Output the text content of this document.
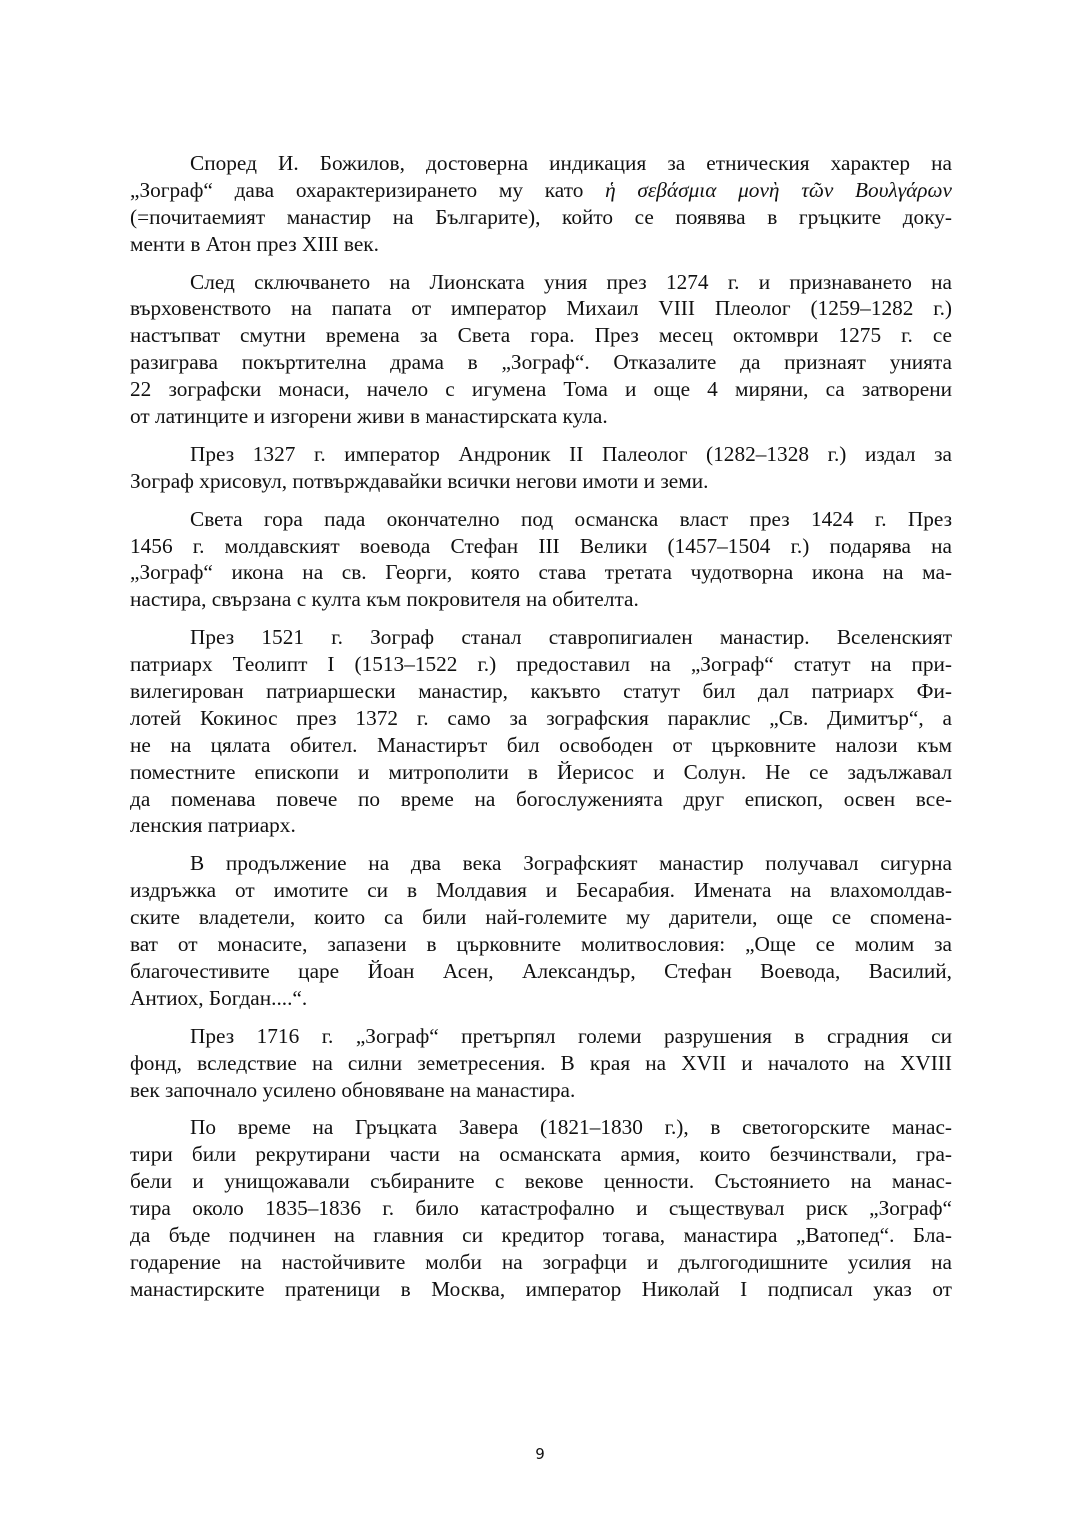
Според И. Божилов, достоверна индикация за етническия характер на
„Зограф“ дава охарактеризирането му като ἡ σεβάσμια μονὴ τῶν Βουλγάρων
(=почитаемият манастир на Българите), който се появява в гръцките доку-
менти в Атон през XIII век.
След сключването на Лионската уния през 1274 г. и признаването на
върховенството на папата от император Михаил VIII Плеолог (1259–1282 г.)
настъпват смутни времена за Света гора. През месец октомври 1275 г. се
разиграва покъртителна драма в „Зограф“. Отказалите да признаят унията
22 зографски монаси, начело с игумена Тома и още 4 миряни, са затворени
от латинците и изгорени живи в манастирската кула.
През 1327 г. император Андроник II Палеолог (1282–1328 г.) издал за
Зограф хрисовул, потвърждавайки всички негови имоти и земи.
Света гора пада окончателно под османска власт през 1424 г. През
1456 г. молдавският воевода Стефан III Велики (1457–1504 г.) подарява на
„Зограф“ икона на св. Георги, която става третата чудотворна икона на ма-
настира, свързана с култа към покровителя на обителта.
През 1521 г. Зограф станал ставропигиален манастир. Вселенският
патриарх Теолипт I (1513–1522 г.) предоставил на „Зограф“ статут на при-
вилегирован патриаршески манастир, какъвто статут бил дал патриарх Фи-
лотей Кокинос през 1372 г. само за зографския параклис „Св. Димитър“, а
не на цялата обител. Манастирът бил освободен от църковните налози към
поместните епископи и митрополити в Йерисос и Солун. Не се задължавал
да поменава повече по време на богослуженията друг епископ, освен все-
ленския патриарх.
В продължение на два века Зографският манастир получавал сигурна
издръжка от имотите си в Молдавия и Бесарабия. Имената на влахомолдав-
ските владетели, които са били най-големите му дарители, още се спомена-
ват от монасите, запазени в църковните молитвословия: „Още се молим за
благочестивите царе Йоан Асен, Александър, Стефан Воевода, Василий,
Антиох, Богдан....“.
През 1716 г. „Зограф“ претърпял големи разрушения в сградния си
фонд, вследствие на силни земетресения. В края на XVII и началото на XVIII
век започнало усилено обновяване на манастира.
По време на Гръцката Завера (1821–1830 г.), в светогорските манас-
тири били рекрутирани части на османската армия, които безчинствали, гра-
бели и унищожавали събираните с векове ценности. Състоянието на манас-
тира около 1835–1836 г. било катастрофално и съществувал риск „Зограф“
да бъде подчинен на главния си кредитор тогава, манастира „Ватопед“. Бла-
годарение на настойчивите молби на зографци и дългогодишните усилия на
манастирските пратеници в Москва, император Николай I подписал указ от
9
